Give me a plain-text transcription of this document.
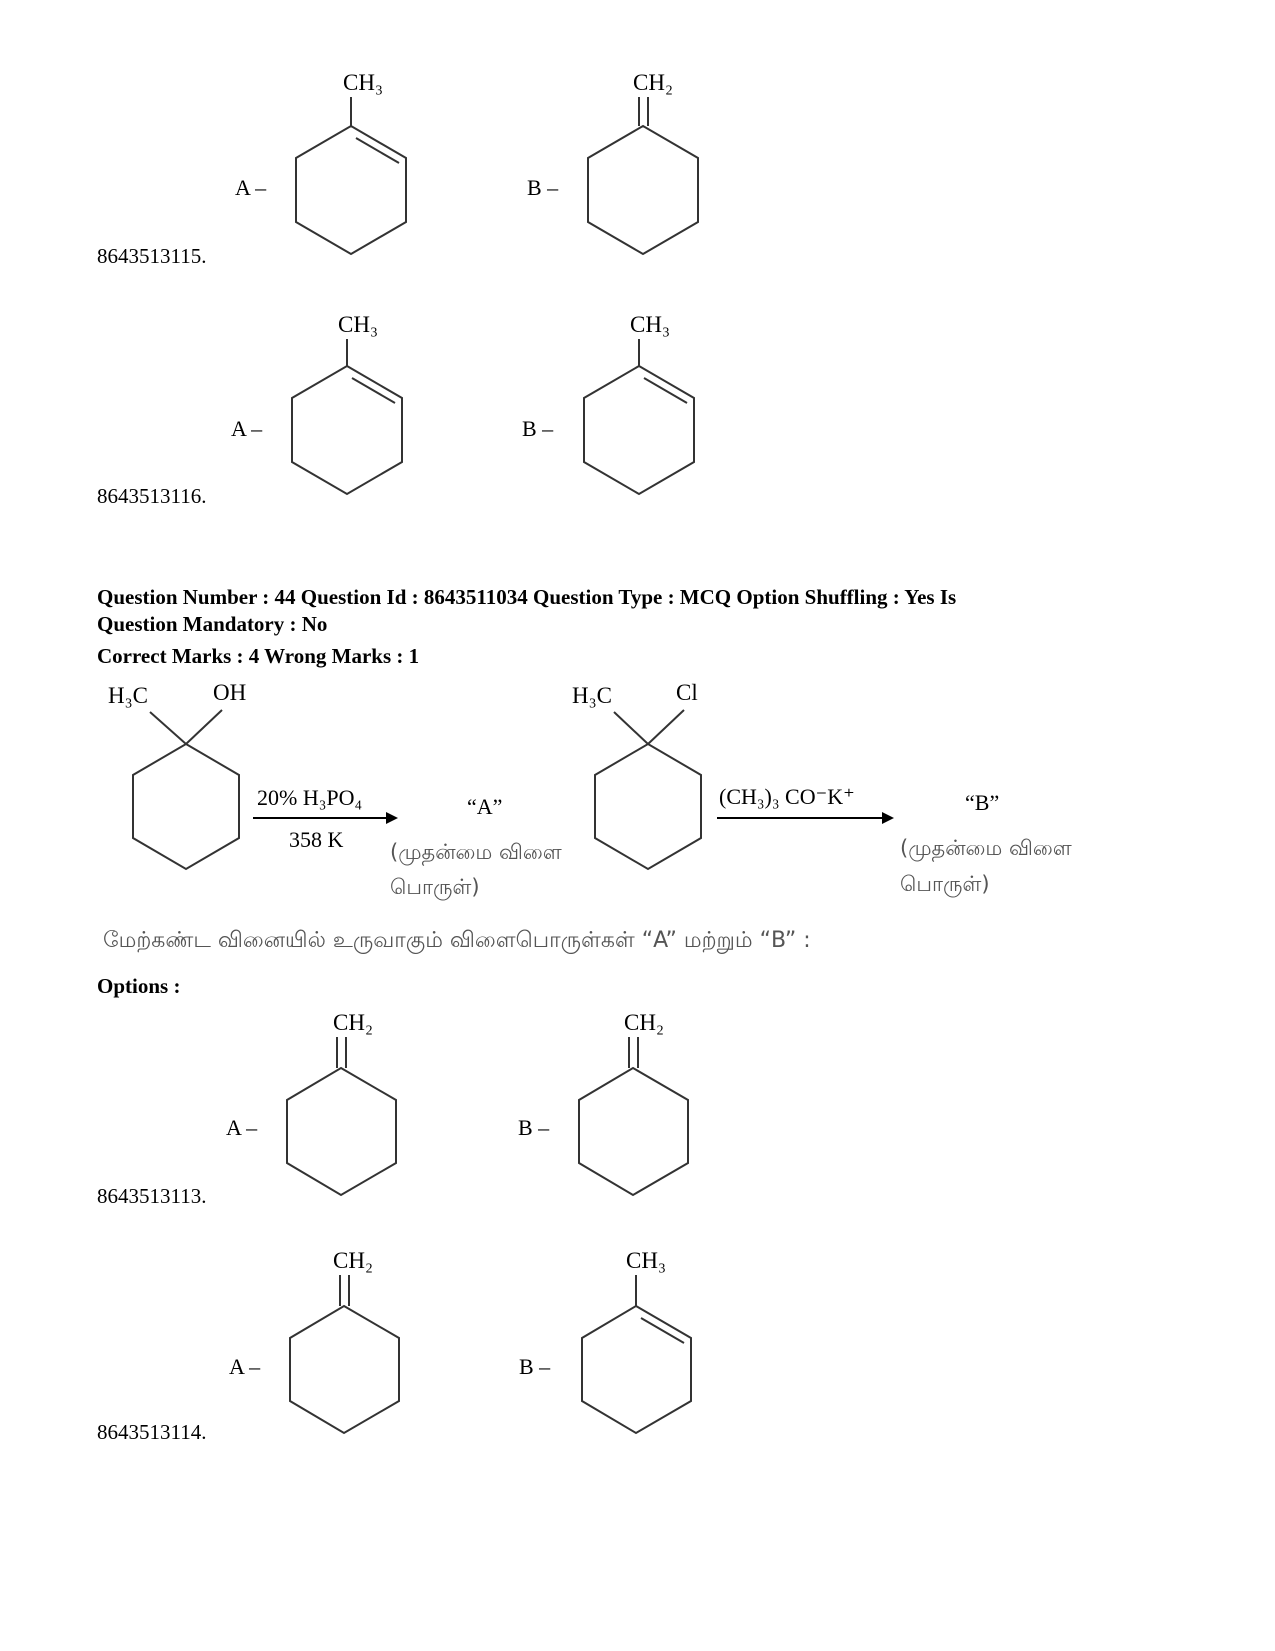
CH₃
A –
CH₂
B –
8643513115.
CH₃
A –
CH₃
B –
8643513116.
Question Number : 44 Question Id : 8643511034 Question Type : MCQ Option Shuffling : Yes Is
Question Mandatory : No
Correct Marks : 4 Wrong Marks : 1
H₃C	OH
20% H₃PO₄
358 K
“A”
(முதன்மை விளை
பொருள்)
H₃C	Cl
(CH₃)₃ CO⁻K⁺	“B”
(முதன்மை விளை
பொருள்)
மேற்கண்ட வினையில் உருவாகும் விளைபொருள்கள் “A” மற்றும் “B” :
Options :
CH₂
A –
CH₂
B –
8643513113.
CH₂
A –
CH₃
B –
8643513114.
